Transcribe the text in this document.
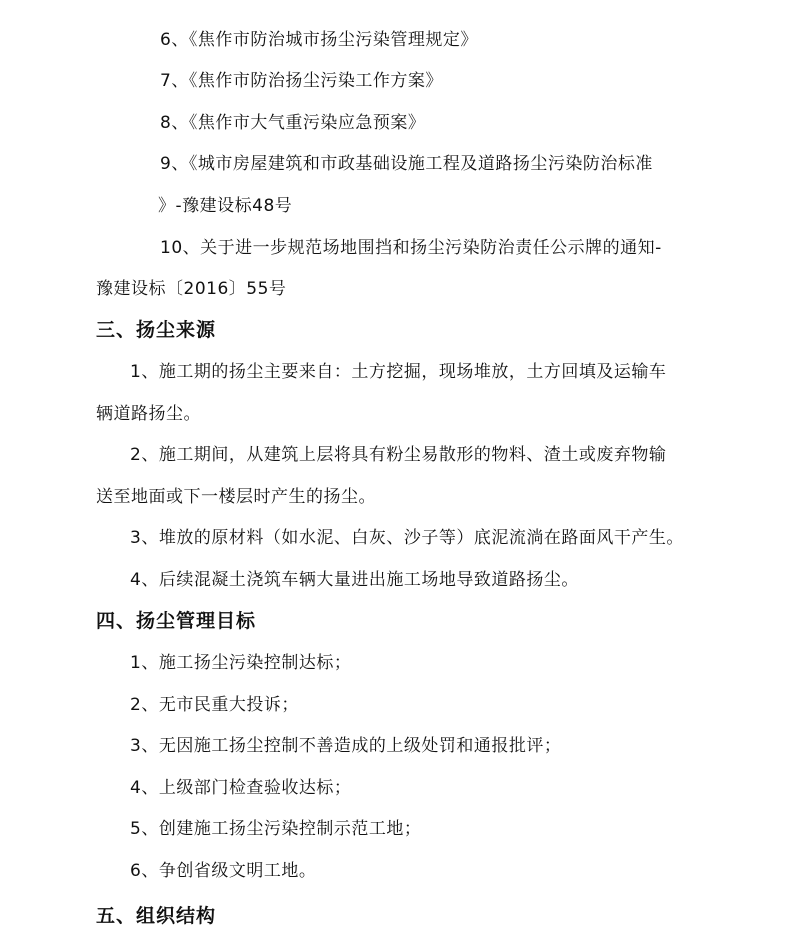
6、《焦作市防治城市扬尘污染管理规定》
7、《焦作市防治扬尘污染工作方案》
8、《焦作市大气重污染应急预案》
9、《城市房屋建筑和市政基础设施工程及道路扬尘污染防治标准
》-豫建设标48号
10、关于进一步规范场地围挡和扬尘污染防治责任公示牌的通知-
豫建设标〔2016〕55号
三、扬尘来源
1、施工期的扬尘主要来自：土方挖掘，现场堆放，土方回填及运输车
辆道路扬尘。
2、施工期间，从建筑上层将具有粉尘易散形的物料、渣土或废弃物输
送至地面或下一楼层时产生的扬尘。
3、堆放的原材料（如水泥、白灰、沙子等）底泥流淌在路面风干产生。
4、后续混凝土浇筑车辆大量进出施工场地导致道路扬尘。
四、扬尘管理目标
1、施工扬尘污染控制达标；
2、无市民重大投诉；
3、无因施工扬尘控制不善造成的上级处罚和通报批评；
4、上级部门检查验收达标；
5、创建施工扬尘污染控制示范工地；
6、争创省级文明工地。
五、组织结构
